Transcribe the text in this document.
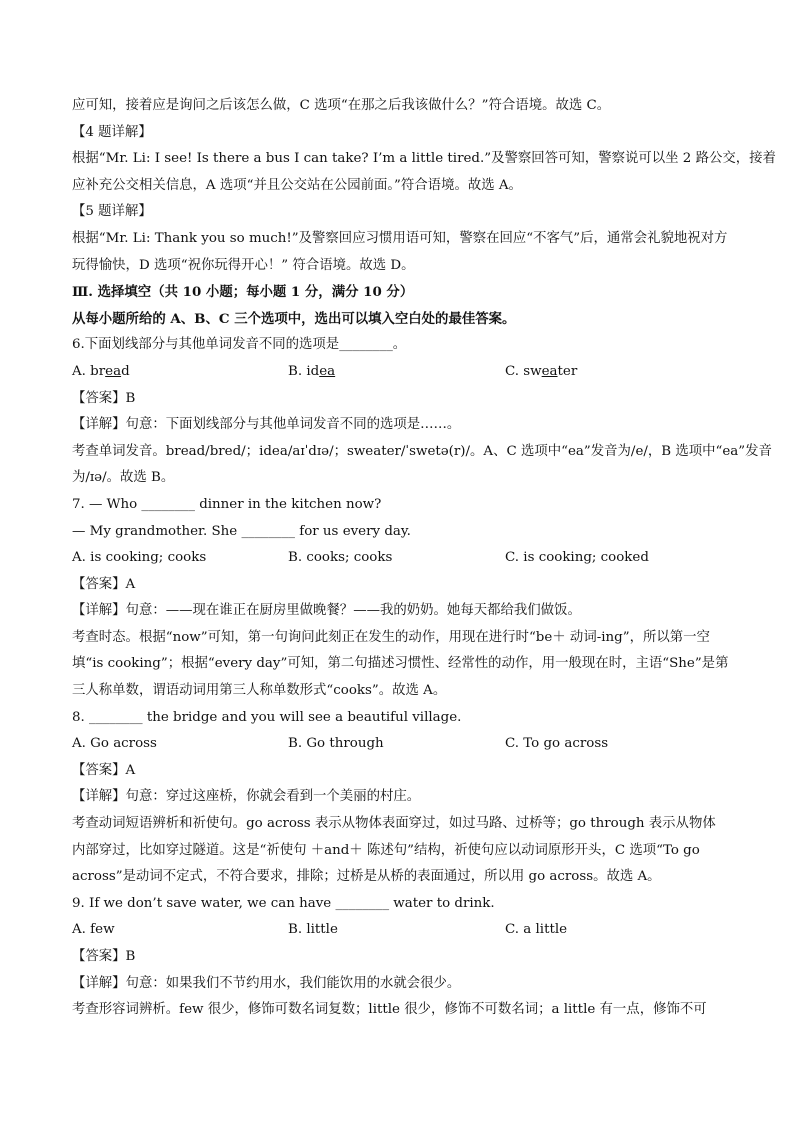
应可知，接着应是询问之后该怎么做，C 选项“在那之后我该做什么？”符合语境。故选 C。
【4 题详解】
根据“Mr. Li: I see! Is there a bus I can take? I’m a little tired.”及警察回答可知，警察说可以坐 2 路公交，接着
应补充公交相关信息，A 选项“并且公交站在公园前面。”符合语境。故选 A。
【5 题详解】
根据“Mr. Li: Thank you so much!”及警察回应习惯用语可知，警察在回应“不客气”后，通常会礼貌地祝对方
玩得愉快，D 选项“祝你玩得开心！” 符合语境。故选 D。
Ⅲ. 选择填空（共 10 小题；每小题 1 分，满分 10 分）
从每小题所给的 A、B、C 三个选项中，选出可以填入空白处的最佳答案。
6.下面划线部分与其他单词发音不同的选项是________。
A. bread	B. idea	C. sweater
【答案】B
【详解】句意：下面划线部分与其他单词发音不同的选项是……。
考查单词发音。bread/bred/；idea/aɪˈdɪə/；sweater/ˈswetə(r)/。A、C 选项中“ea”发音为/e/，B 选项中“ea”发音
为/ɪə/。故选 B。
7. — Who ________ dinner in the kitchen now?
— My grandmother. She ________ for us every day.
A. is cooking; cooks	B. cooks; cooks	C. is cooking; cooked
【答案】A
【详解】句意：——现在谁正在厨房里做晚餐？——我的奶奶。她每天都给我们做饭。
考查时态。根据“now”可知，第一句询问此刻正在发生的动作，用现在进行时“be＋ 动词-ing”，所以第一空
填“is cooking”；根据“every day”可知，第二句描述习惯性、经常性的动作，用一般现在时，主语“She”是第
三人称单数，谓语动词用第三人称单数形式“cooks”。故选 A。
8. ________ the bridge and you will see a beautiful village.
A. Go across	B. Go through	C. To go across
【答案】A
【详解】句意：穿过这座桥，你就会看到一个美丽的村庄。
考查动词短语辨析和祈使句。go across 表示从物体表面穿过，如过马路、过桥等；go through 表示从物体
内部穿过，比如穿过隧道。这是“祈使句 ＋and＋ 陈述句”结构，祈使句应以动词原形开头，C 选项“To go
across”是动词不定式，不符合要求，排除；过桥是从桥的表面通过，所以用 go across。故选 A。
9. If we don’t save water, we can have ________ water to drink.
A. few	B. little	C. a little
【答案】B
【详解】句意：如果我们不节约用水，我们能饮用的水就会很少。
考查形容词辨析。few 很少，修饰可数名词复数；little 很少，修饰不可数名词；a little 有一点，修饰不可
